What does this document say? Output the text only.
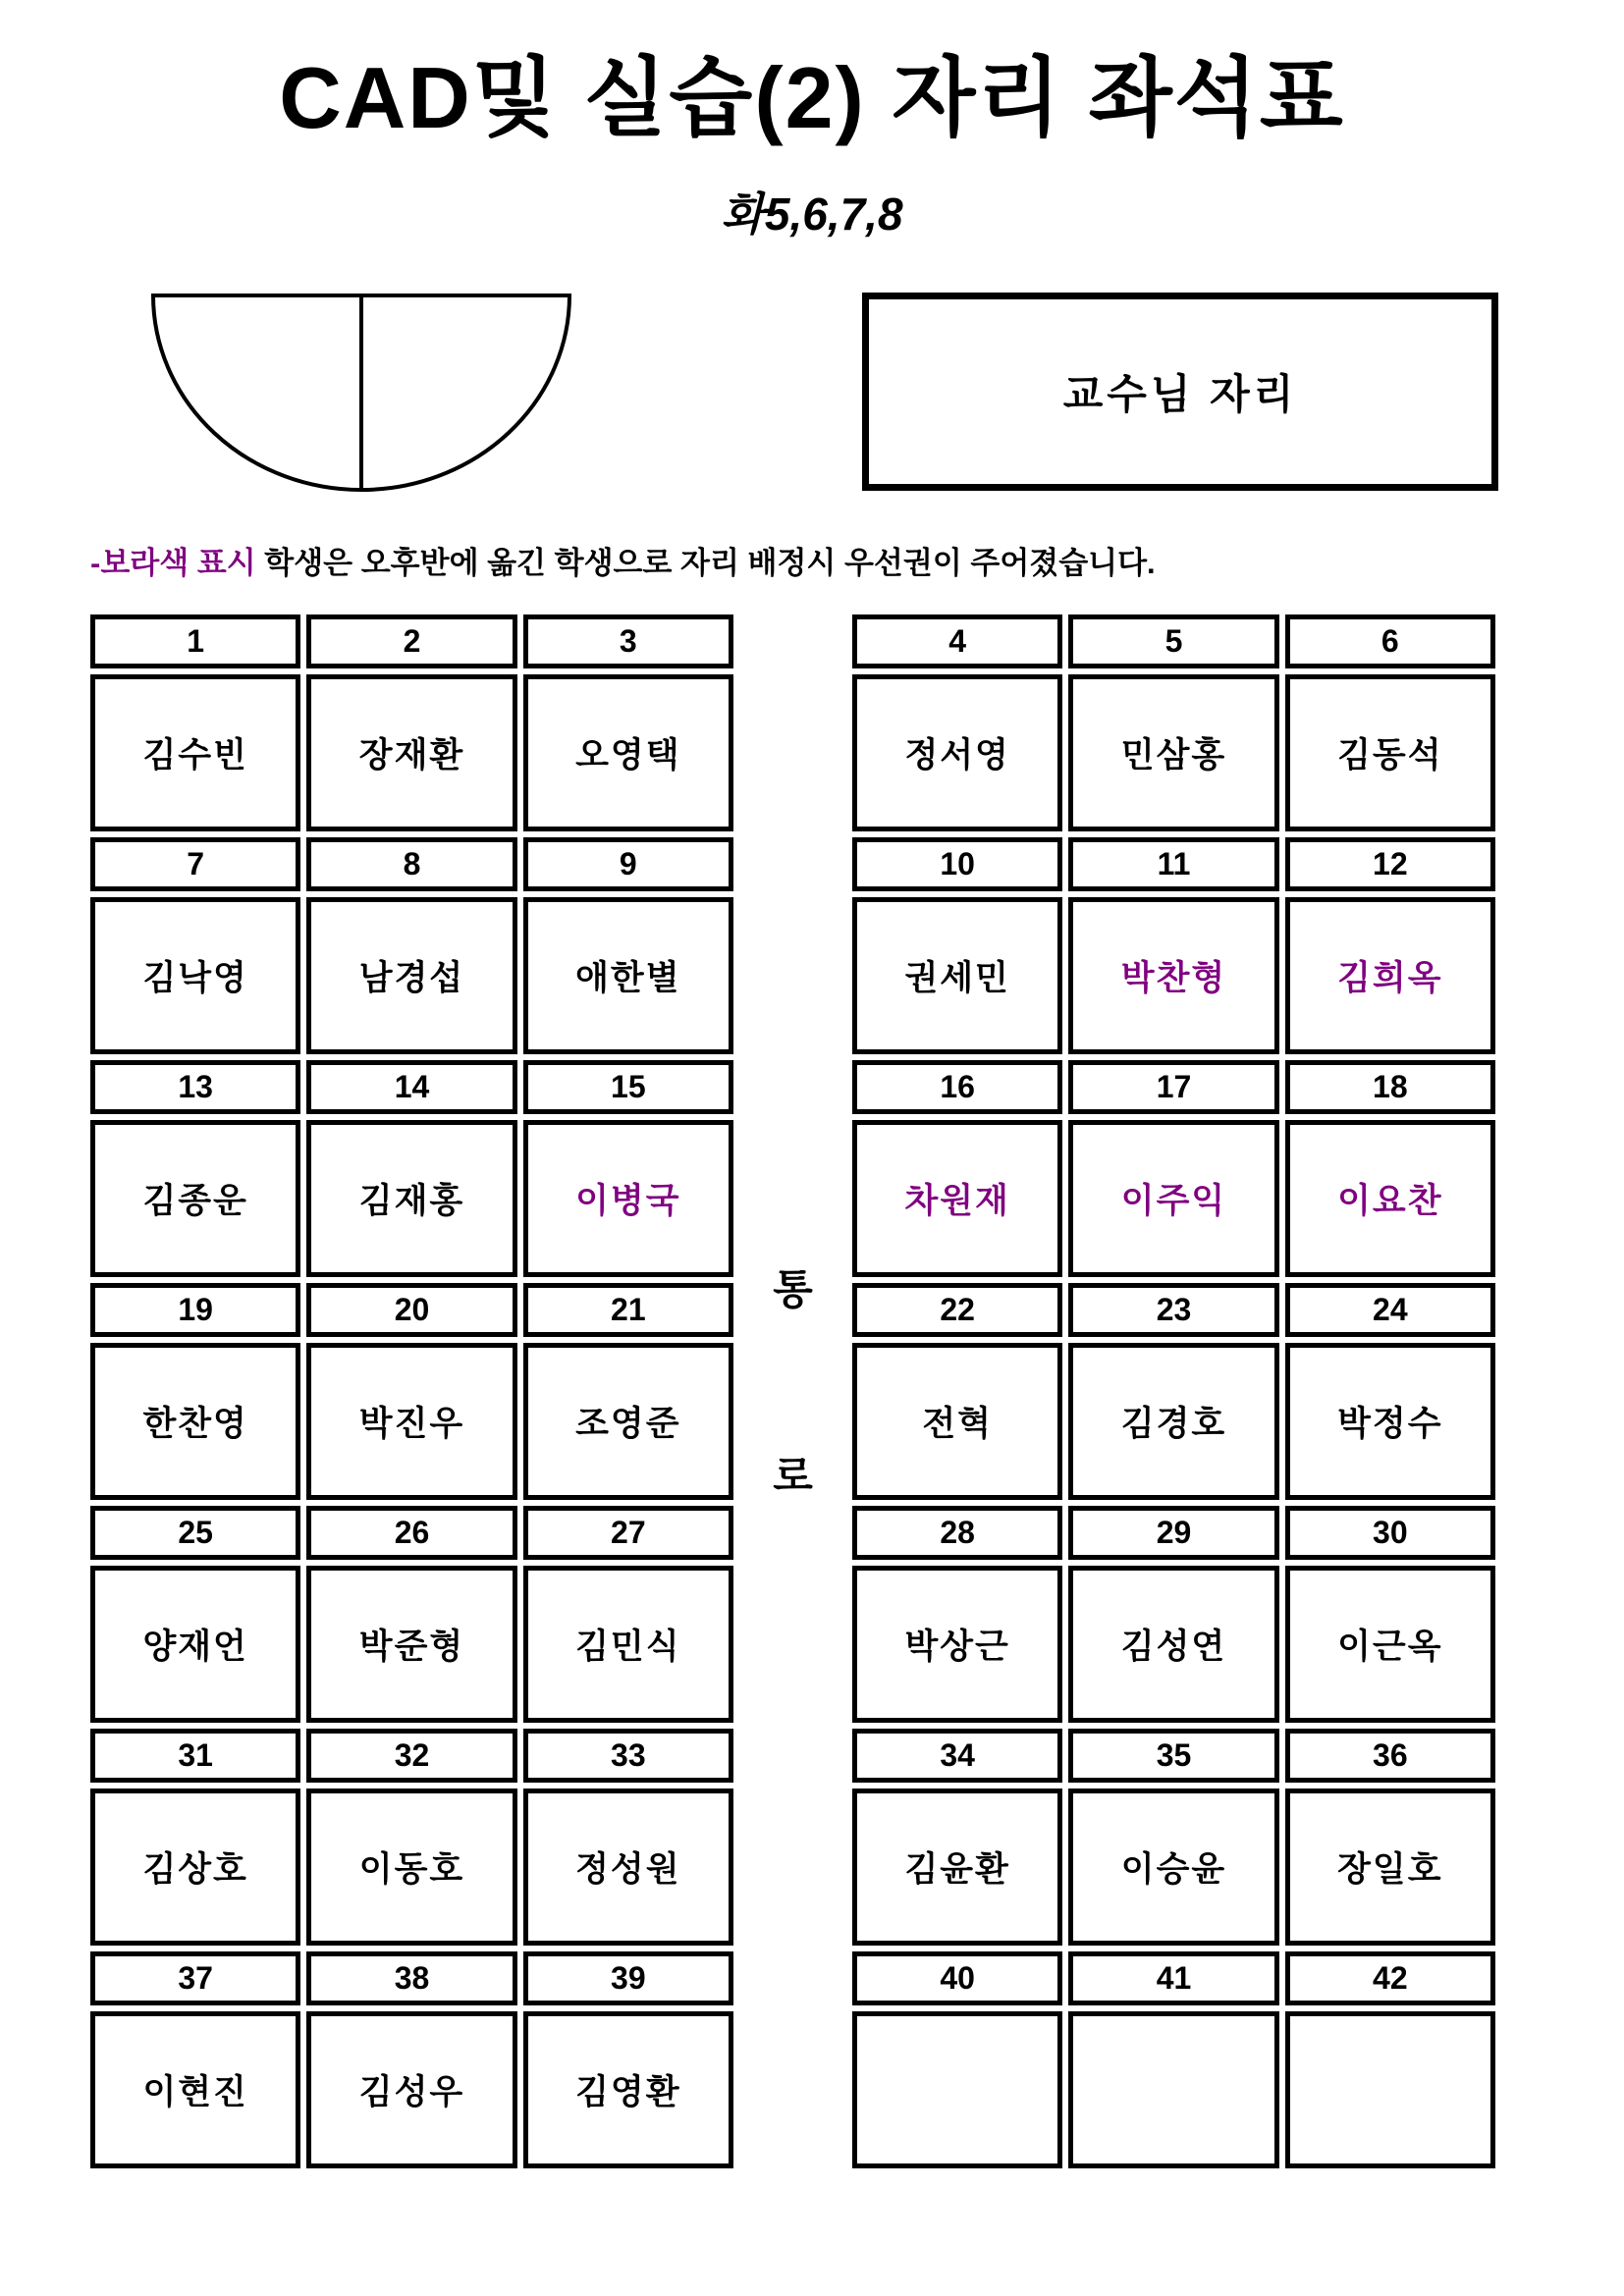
CAD및 실습(2) 자리 좌석표
화5,6,7,8
교수님 자리

-보라색 표시 학생은 오후반에 옮긴 학생으로 자리 배정시 우선권이 주어졌습니다.

1	2	3
김수빈	장재환	오영택
7	8	9
김낙영	남경섭	애한별
13	14	15
김종운	김재홍	이병국
19	20	21
한찬영	박진우	조영준
25	26	27
양재언	박준형	김민식
31	32	33
김상호	이동호	정성원
37	38	39
이현진	김성우	김영환
통
로
4	5	6
정서영	민삼홍	김동석
10	11	12
권세민	박찬형	김희옥
16	17	18
차원재	이주익	이요찬
22	23	24
전혁	김경호	박정수
28	29	30
박상근	김성연	이근옥
34	35	36
김윤환	이승윤	장일호
40	41	42
